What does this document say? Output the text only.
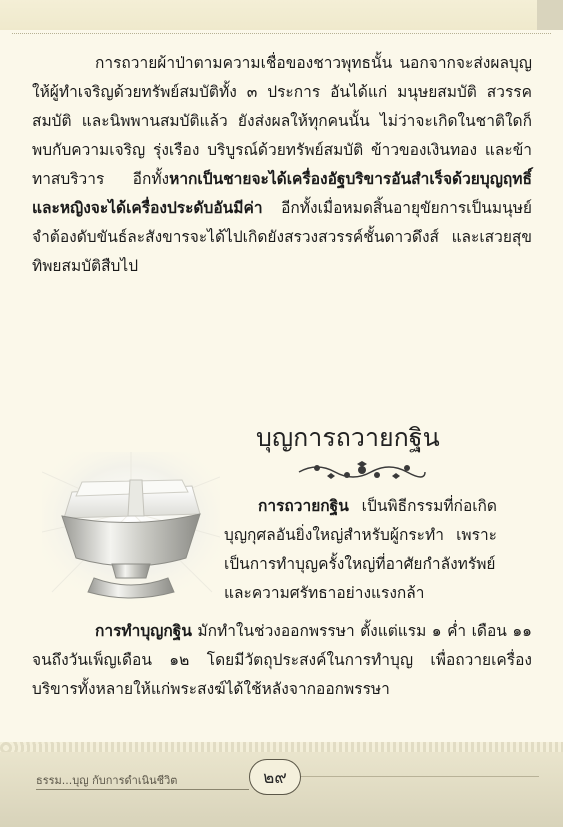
การถวายผ้าป่าตามความเชื่อของชาวพุทธนั้น นอกจากจะส่งผลบุญให้ผู้ทำเจริญด้วยทรัพย์สมบัติทั้ง ๓ ประการ อันได้แก่ มนุษยสมบัติ สวรรคสมบัติ และนิพพานสมบัติแล้ว ยังส่งผลให้ทุกคนนั้น ไม่ว่าจะเกิดในชาติใดก็พบกับความเจริญ รุ่งเรือง บริบูรณ์ด้วยทรัพย์สมบัติ ข้าวของเงินทอง และข้าทาสบริวาร อีกทั้งหากเป็นชายจะได้เครื่องอัฐบริขารอันสำเร็จด้วยบุญฤทธิ์ และหญิงจะได้เครื่องประดับอันมีค่า อีกทั้งเมื่อหมดสิ้นอายุขัยการเป็นมนุษย์ จำต้องดับขันธ์ละสังขารจะได้ไปเกิดยังสรวงสวรรค์ชั้นดาวดึงส์ และเสวยสุขทิพยสมบัติสืบไป

บุญการถวายกฐิน

การถวายกฐิน เป็นพิธีกรรมที่ก่อเกิดบุญกุศลอันยิ่งใหญ่สำหรับผู้กระทำ เพราะเป็นการทำบุญครั้งใหญ่ที่อาศัยกำลังทรัพย์และความศรัทธาอย่างแรงกล้า

การทำบุญกฐิน มักทำในช่วงออกพรรษา ตั้งแต่แรม ๑ ค่ำ เดือน ๑๑ จนถึงวันเพ็ญเดือน ๑๒ โดยมีวัตถุประสงค์ในการทำบุญ เพื่อถวายเครื่องบริขารทั้งหลายให้แก่พระสงฆ์ได้ใช้หลังจากออกพรรษา

ธรรม...บุญ กับการดำเนินชีวิต	๒๙
